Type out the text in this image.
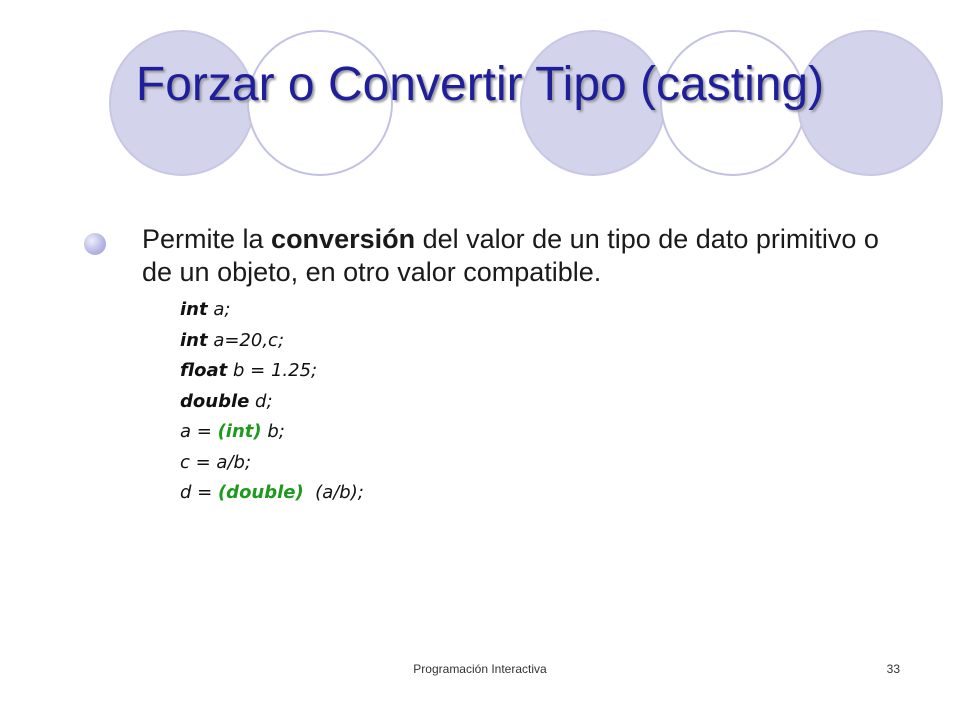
Forzar o Convertir Tipo (casting)
Permite la conversión del valor de un tipo de dato primitivo o de un objeto, en otro valor compatible.
int a;
int a=20,c;
float b = 1.25;
double d;
a = (int) b;
c = a/b;
d = (double)  (a/b);
Programación Interactiva	33
